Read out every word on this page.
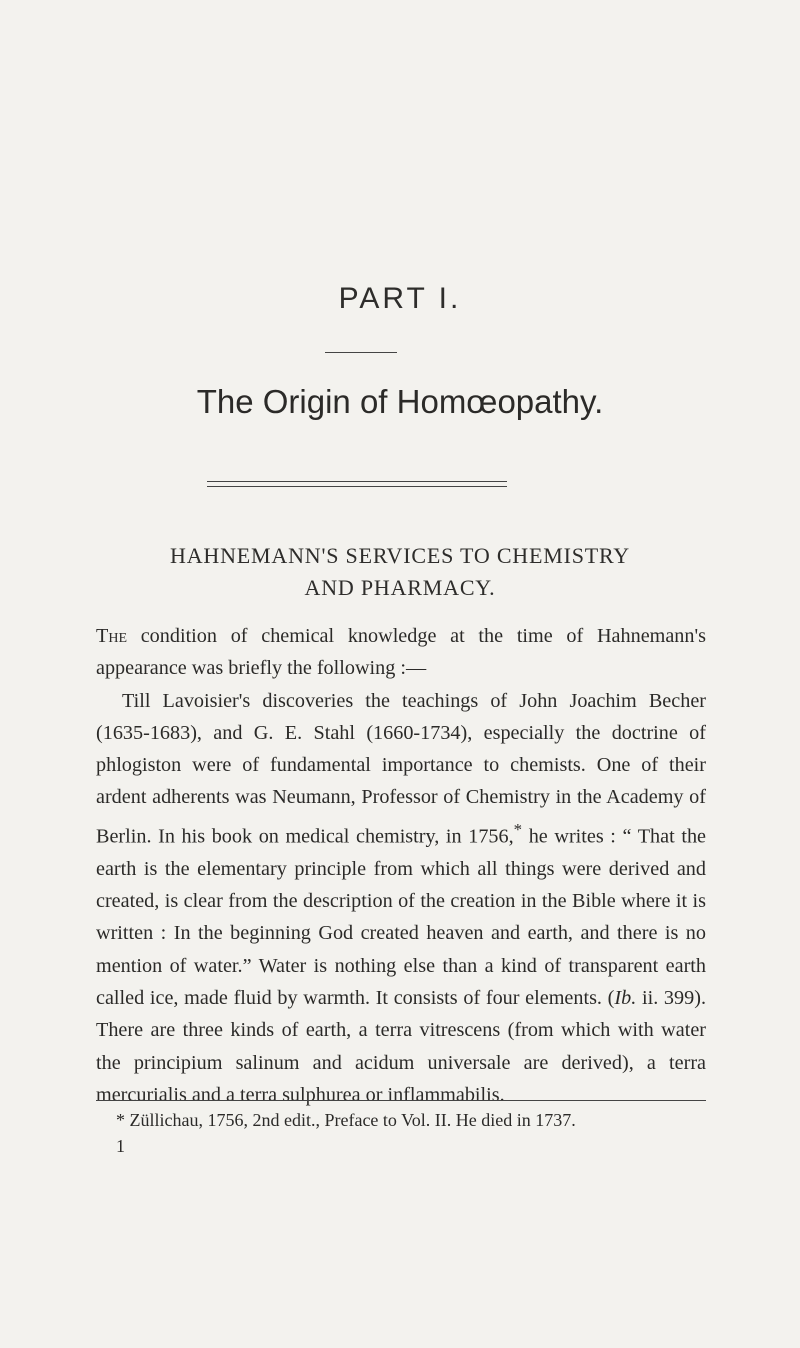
PART I.
The Origin of Homœopathy.
HAHNEMANN'S SERVICES TO CHEMISTRY
AND PHARMACY.

The condition of chemical knowledge at the time of Hahnemann's appearance was briefly the following :—

Till Lavoisier's discoveries the teachings of John Joachim Becher (1635-1683), and G. E. Stahl (1660-1734), especially the doctrine of phlogiston were of fundamental importance to chemists. One of their ardent adherents was Neumann, Professor of Chemistry in the Academy of Berlin. In his book on medical chemistry, in 1756,* he writes : “ That the earth is the elementary principle from which all things were derived and created, is clear from the description of the creation in the Bible where it is written : In the beginning God created heaven and earth, and there is no mention of water.” Water is nothing else than a kind of transparent earth called ice, made fluid by warmth. It consists of four elements. (Ib. ii. 399). There are three kinds of earth, a terra vitrescens (from which with water the principium salinum and acidum universale are derived), a terra mercurialis and a terra sulphurea or inflammabilis.

* Züllichau, 1756, 2nd edit., Preface to Vol. II. He died in 1737.
1
